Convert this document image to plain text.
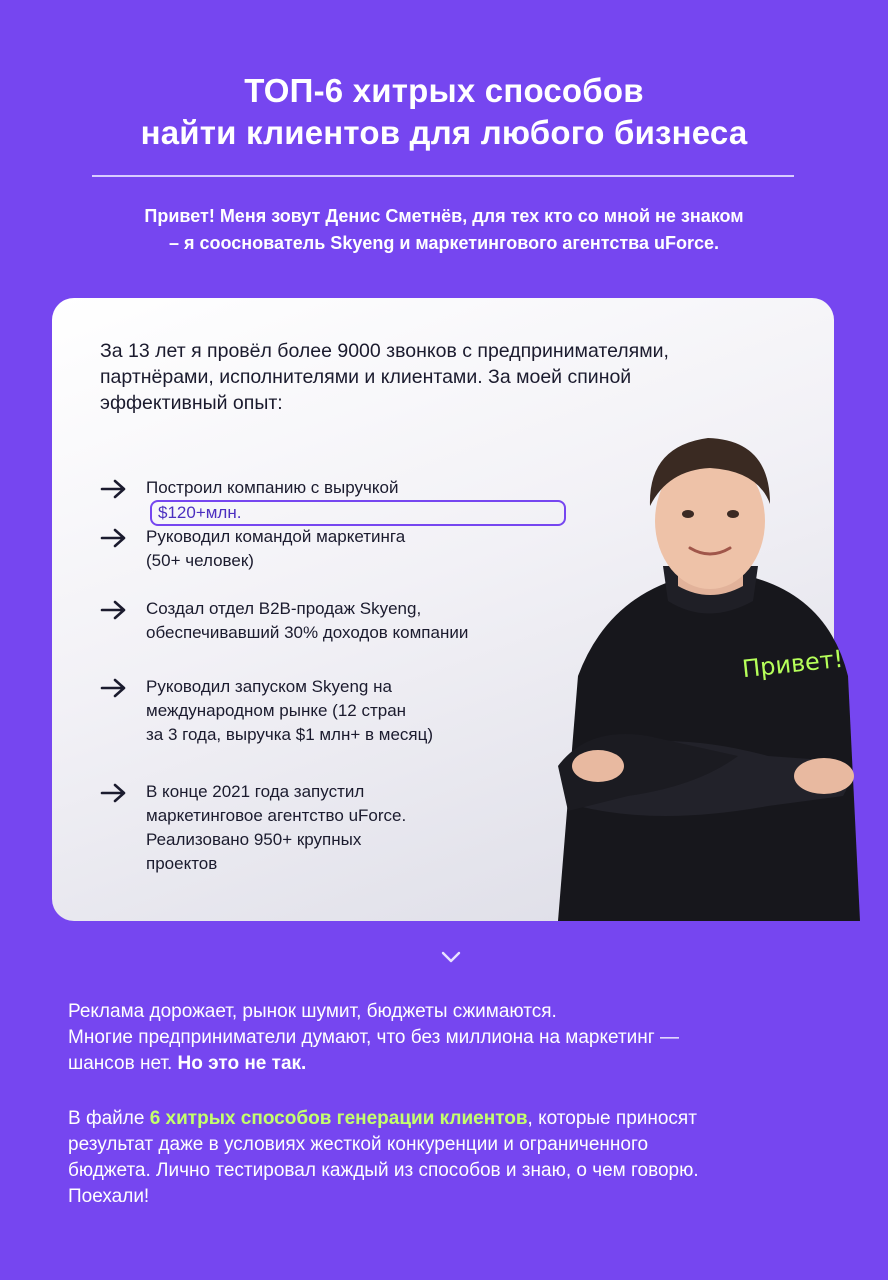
ТОП-6 хитрых способов
найти клиентов для любого бизнеса
Привет! Меня зовут Денис Сметнёв, для тех кто со мной не знаком
– я сооснователь Skyeng и маркетингового агентства uForce.
За 13 лет я провёл более 9000 звонков с предпринимателями,
партнёрами, исполнителями и клиентами. За моей спиной
эффективный опыт:
Построил компанию с выручкой
$120+млн.
Руководил командой маркетинга
(50+ человек)
Создал отдел B2B-продаж Skyeng,
обеспечивавший 30% доходов компании
Руководил запуском Skyeng на
международном рынке (12 стран
за 3 года, выручка $1 млн+ в месяц)
В конце 2021 года запустил
маркетинговое агентство uForce.
Реализовано 950+ крупных
проектов
Привет!
Реклама дорожает, рынок шумит, бюджеты сжимаются.
Многие предприниматели думают, что без миллиона на маркетинг —
шансов нет. Но это не так.
В файле 6 хитрых способов генерации клиентов, которые приносят
результат даже в условиях жесткой конкуренции и ограниченного
бюджета. Лично тестировал каждый из способов и знаю, о чем говорю.
Поехали!
